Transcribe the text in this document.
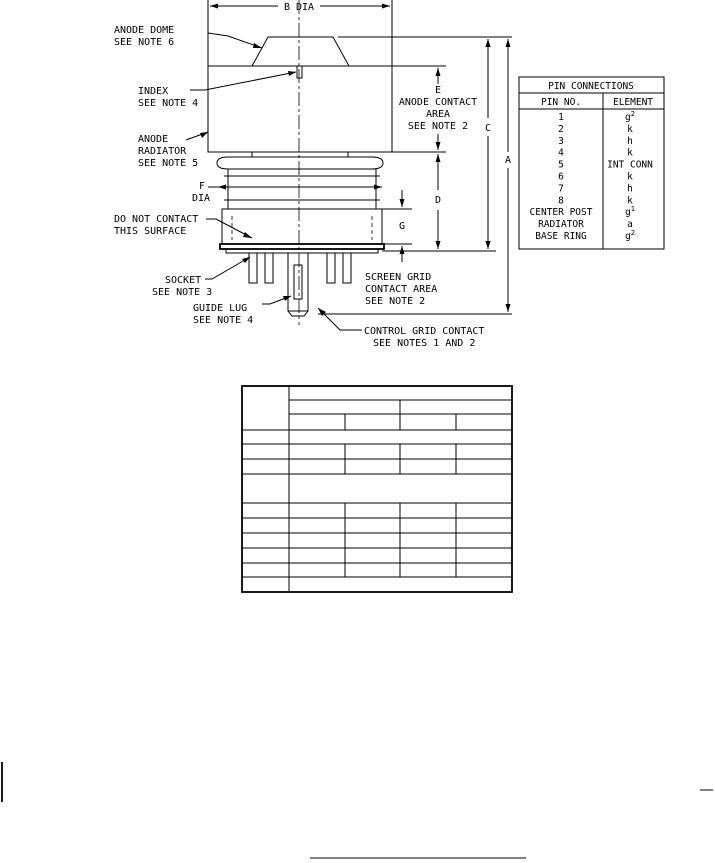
B DIA
ANODE DOME
SEE NOTE 6
INDEX
SEE NOTE 4
ANODE
RADIATOR
SEE NOTE 5
E
ANODE CONTACT
AREA
SEE NOTE 2 C
A
F
DIA	D
G
DO NOT CONTACT
THIS SURFACE
SOCKET
SEE NOTE 3
SCREEN GRID
CONTACT AREA
SEE NOTE 2
GUIDE LUG
SEE NOTE 4
CONTROL GRID CONTACT
SEE NOTES 1 AND 2
PIN CONNECTIONS
PIN NO.	ELEMENT
1	$g^2$
2	k
3	h
4	k
5	INT CONN
6	k
7	h
8	k
CENTER POST	$g^1$
RADIATOR	a
BASE RING	$g^2$
